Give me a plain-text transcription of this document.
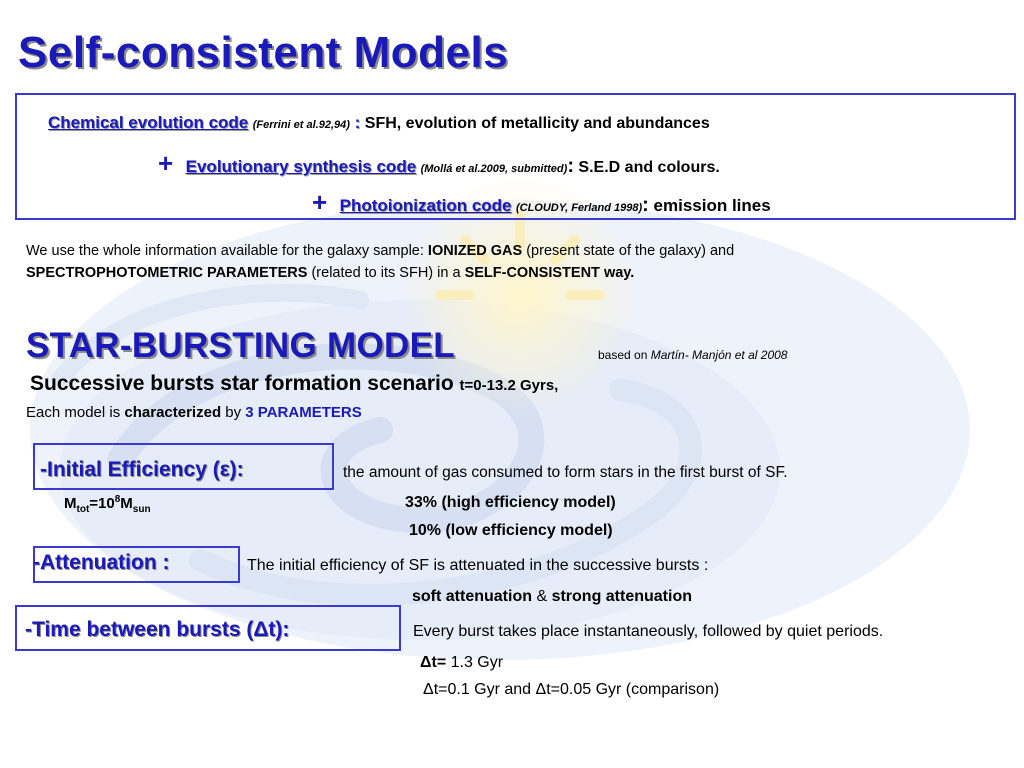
Self-consistent Models
Chemical evolution code (Ferrini et al.92,94) : SFH, evolution of metallicity and abundances
+ Evolutionary synthesis code (Mollá et al.2009, submitted): S.E.D and colours.
+ Photoionization code (CLOUDY, Ferland 1998): emission lines
We use the whole information available for the galaxy sample: IONIZED GAS (present state of the galaxy) and
SPECTROPHOTOMETRIC PARAMETERS (related to its SFH) in a SELF-CONSISTENT way.
STAR-BURSTING MODEL	based on Martín- Manjón et al 2008
Successive bursts star formation scenario t=0-13.2 Gyrs,
Each model is characterized by 3 PARAMETERS
-Initial Efficiency (ε):	the amount of gas consumed to form stars in the first burst of SF.
$M_{tot}=10^8M_{sun}$	33% (high efficiency model)
10% (low efficiency model)
-Attenuation :	The initial efficiency of SF is attenuated in the successive bursts :
soft attenuation & strong attenuation
-Time between bursts (Δt):	Every burst takes place instantaneously, followed by quiet periods.
Δt= 1.3 Gyr
Δt=0.1 Gyr and Δt=0.05 Gyr (comparison)
